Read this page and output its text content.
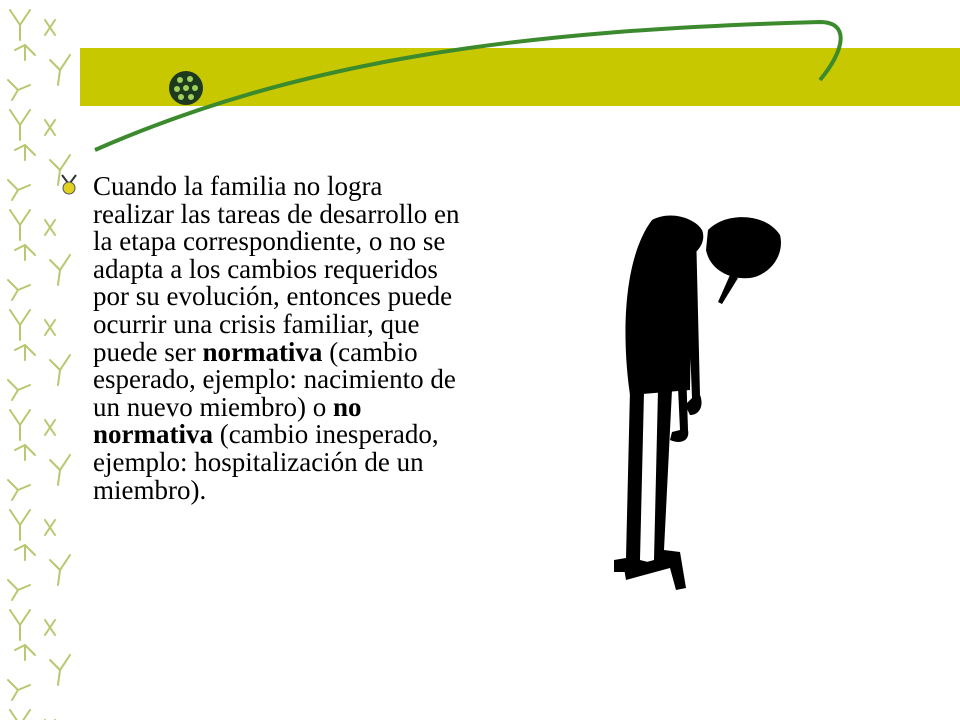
Cuando la familia no logra realizar las tareas de desarrollo en la etapa correspondiente, o no se adapta a los cambios requeridos por su evolución, entonces puede ocurrir una crisis familiar, que puede ser normativa (cambio esperado, ejemplo: nacimiento de un nuevo miembro) o no normativa (cambio inesperado, ejemplo: hospitalización de un miembro).
